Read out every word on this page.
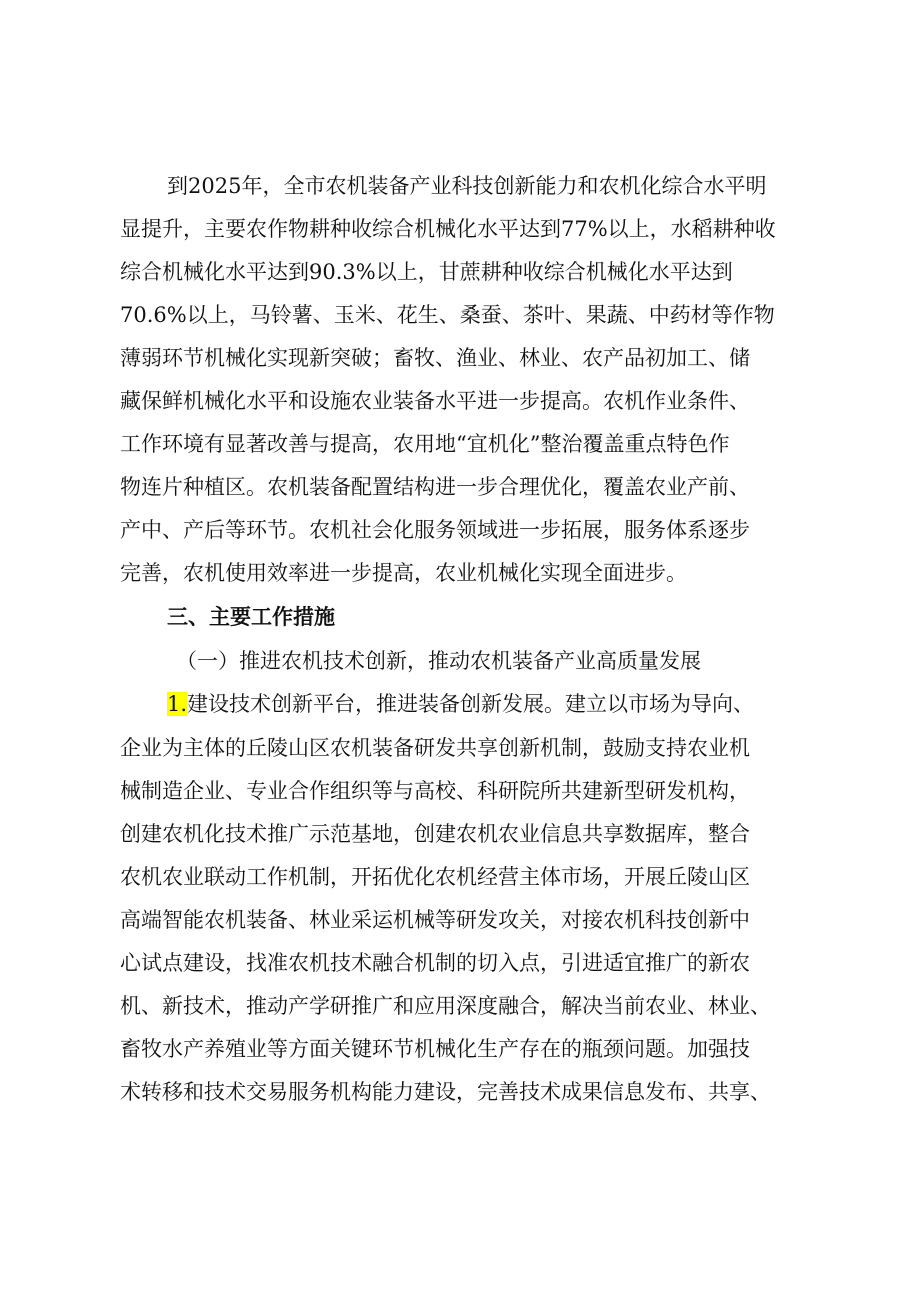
到2025年，全市农机装备产业科技创新能力和农机化综合水平明
显提升，主要农作物耕种收综合机械化水平达到77%以上，水稻耕种收
综合机械化水平达到90.3%以上，甘蔗耕种收综合机械化水平达到
70.6%以上，马铃薯、玉米、花生、桑蚕、茶叶、果蔬、中药材等作物
薄弱环节机械化实现新突破；畜牧、渔业、林业、农产品初加工、储
藏保鲜机械化水平和设施农业装备水平进一步提高。农机作业条件、
工作环境有显著改善与提高，农用地“宜机化”整治覆盖重点特色作
物连片种植区。农机装备配置结构进一步合理优化，覆盖农业产前、
产中、产后等环节。农机社会化服务领域进一步拓展，服务体系逐步
完善，农机使用效率进一步提高，农业机械化实现全面进步。
三、主要工作措施
（一）推进农机技术创新，推动农机装备产业高质量发展
1.建设技术创新平台，推进装备创新发展。建立以市场为导向、
企业为主体的丘陵山区农机装备研发共享创新机制，鼓励支持农业机
械制造企业、专业合作组织等与高校、科研院所共建新型研发机构，
创建农机化技术推广示范基地，创建农机农业信息共享数据库，整合
农机农业联动工作机制，开拓优化农机经营主体市场，开展丘陵山区
高端智能农机装备、林业采运机械等研发攻关，对接农机科技创新中
心试点建设，找准农机技术融合机制的切入点，引进适宜推广的新农
机、新技术，推动产学研推广和应用深度融合，解决当前农业、林业、
畜牧水产养殖业等方面关键环节机械化生产存在的瓶颈问题。加强技
术转移和技术交易服务机构能力建设，完善技术成果信息发布、共享、
